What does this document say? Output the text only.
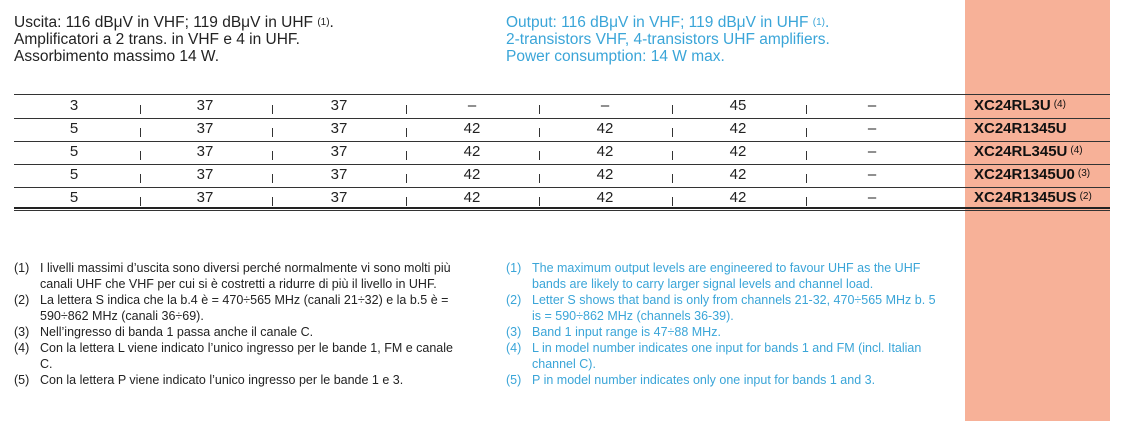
Uscita: 116 dBμV in VHF; 119 dBμV in UHF $^{(1)}$.
Amplificatori a 2 trans. in VHF e 4 in UHF.
Assorbimento massimo 14 W.
Output: 116 dBμV in VHF; 119 dBμV in UHF $^{(1)}$.
2-transistors VHF, 4-transistors UHF amplifiers.
Power consumption: 14 W max.
3	37	37	–	–	45	–	XC24RL3U $^{(4)}$
5	37	37	42	42	42	–	XC24R1345U
5	37	37	42	42	42	–	XC24RL345U $^{(4)}$
5	37	37	42	42	42	–	XC24R1345U0 $^{(3)}$
5	37	37	42	42	42	–	XC24R1345US $^{(2)}$
(1) I livelli massimi d’uscita sono diversi perché normalmente vi sono molti più canali UHF che VHF per cui si è costretti a ridurre di più il livello in UHF.
(2) La lettera S indica che la b.4 è = 470÷565 MHz (canali 21÷32) e la b.5 è = 590÷862 MHz (canali 36÷69).
(3) Nell’ingresso di banda 1 passa anche il canale C.
(4) Con la lettera L viene indicato l’unico ingresso per le bande 1, FM e canale C.
(5) Con la lettera P viene indicato l’unico ingresso per le bande 1 e 3.
(1) The maximum output levels are engineered to favour UHF as the UHF bands are likely to carry larger signal levels and channel load.
(2) Letter S shows that band is only from channels 21-32, 470÷565 MHz b. 5 is = 590÷862 MHz (channels 36-39).
(3) Band 1 input range is 47÷88 MHz.
(4) L in model number indicates one input for bands 1 and FM (incl. Italian channel C).
(5) P in model number indicates only one input for bands 1 and 3.
